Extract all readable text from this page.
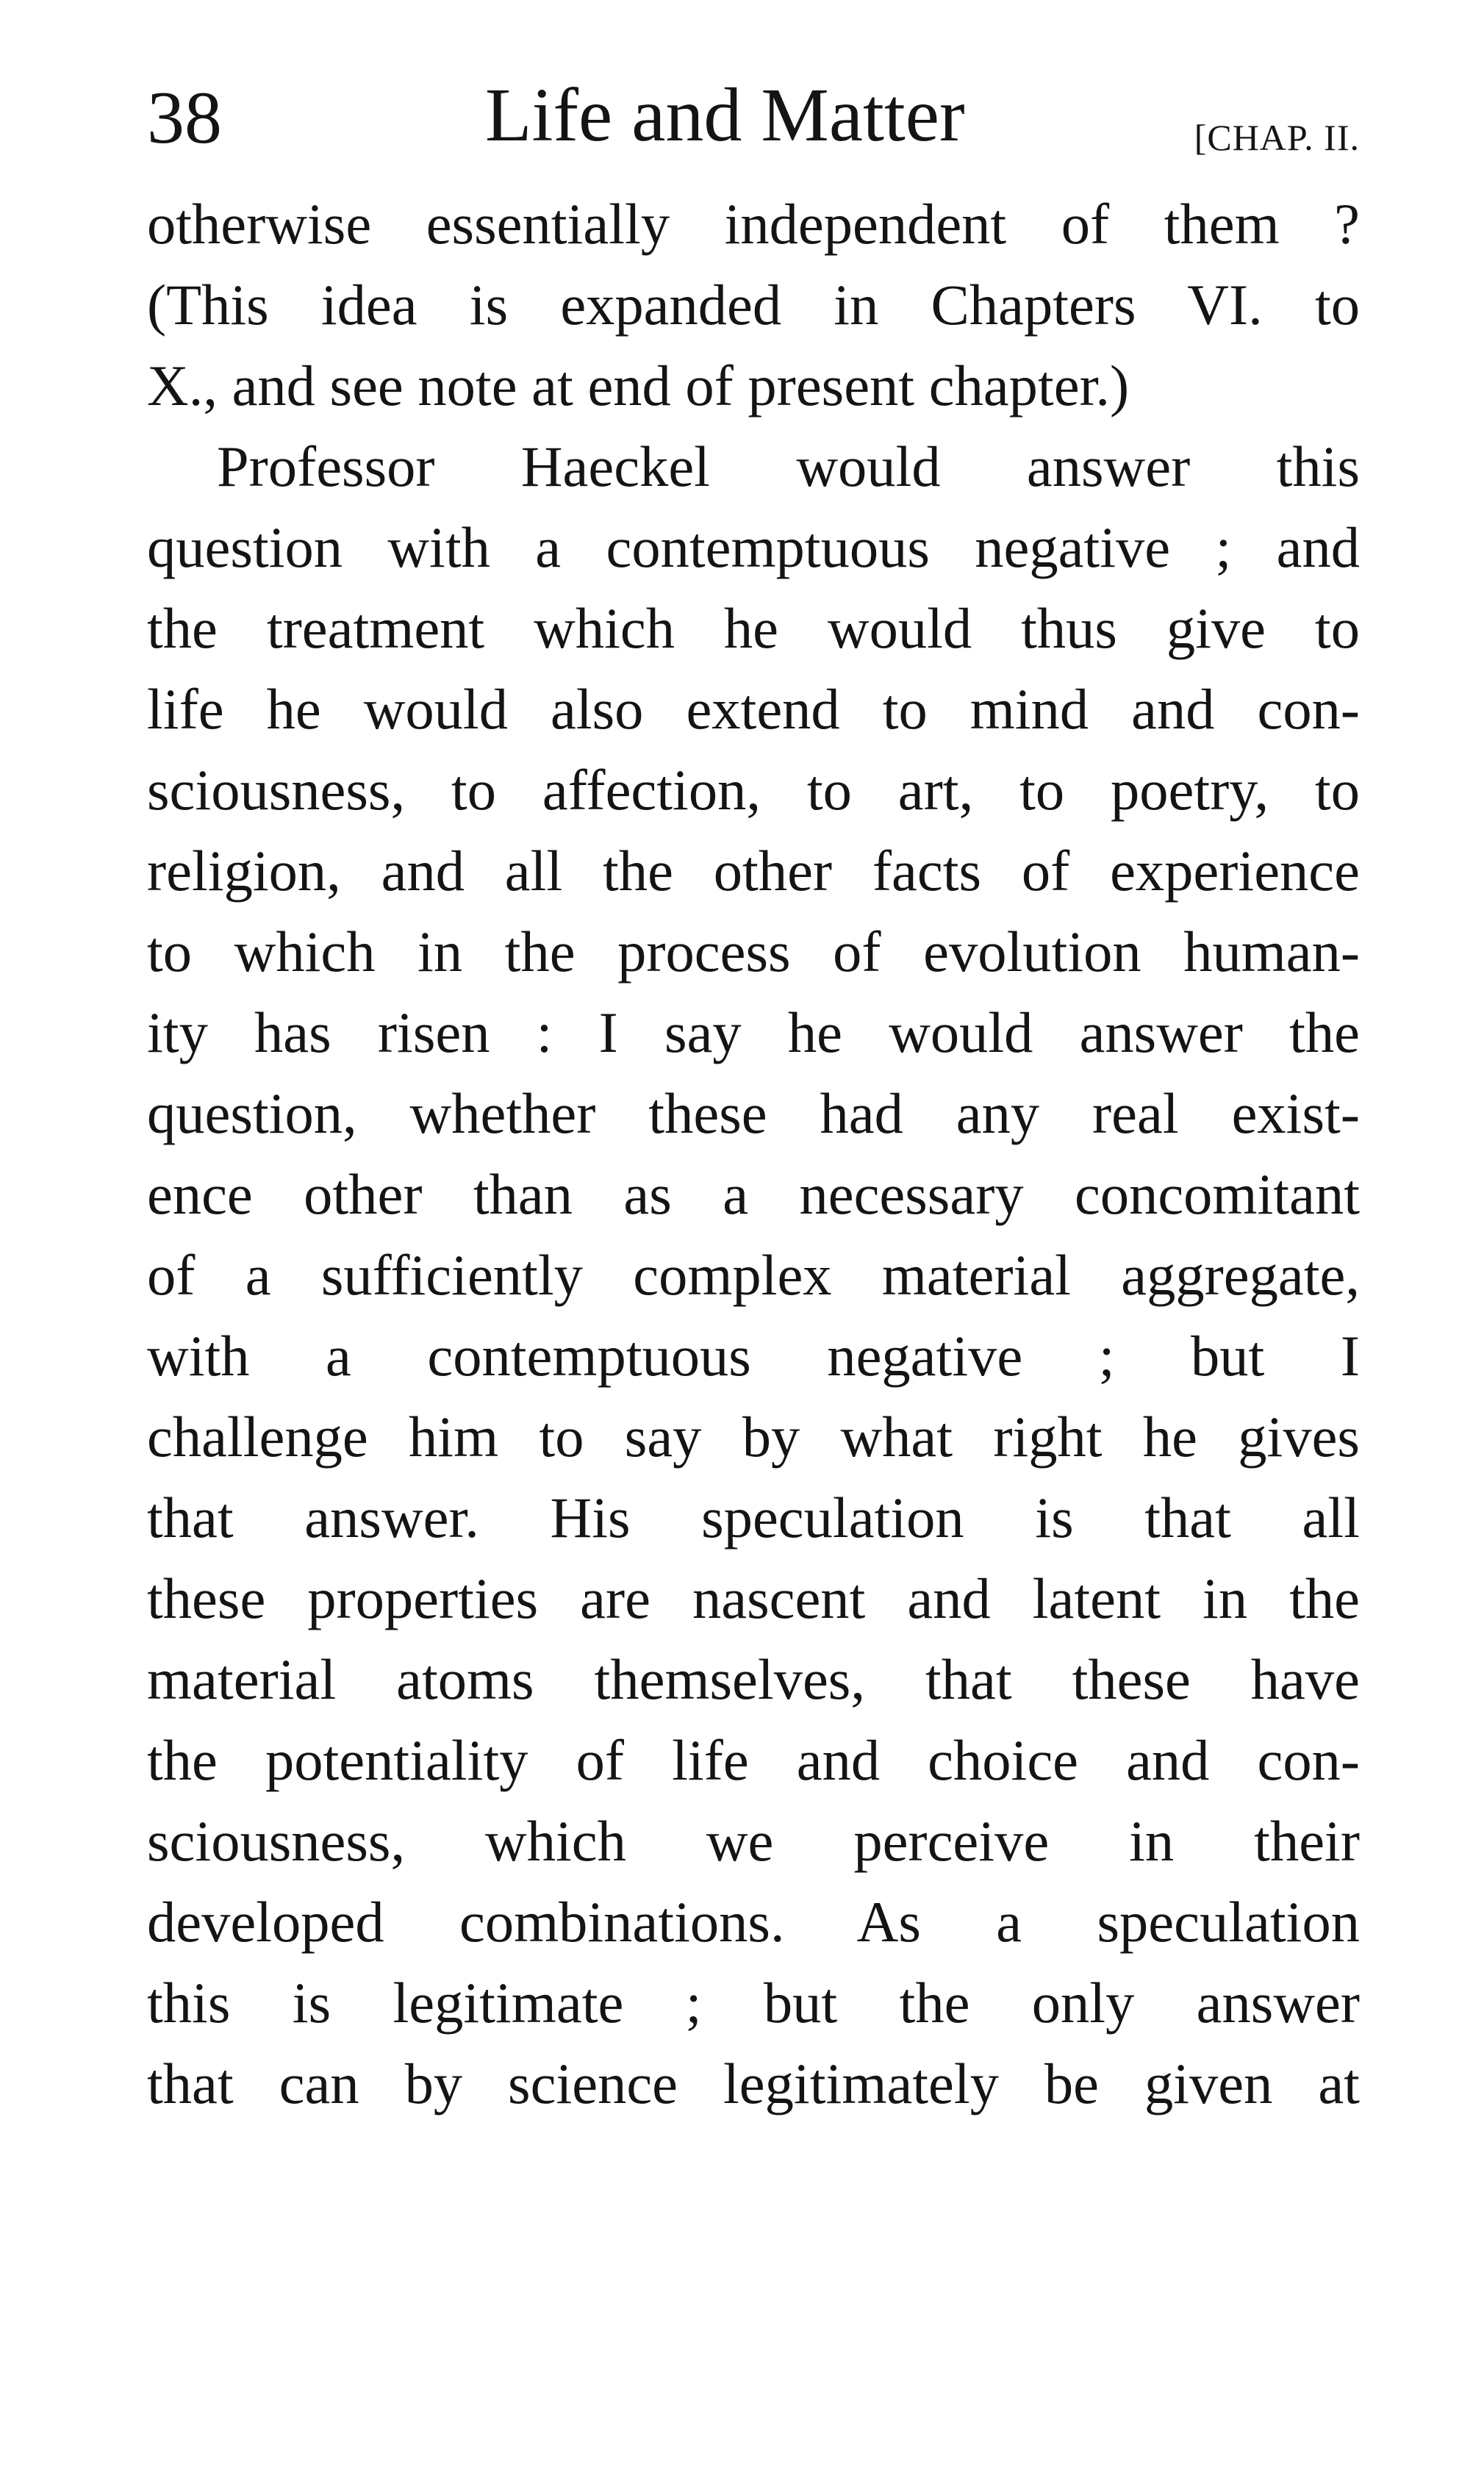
38	Life and Matter	[CHAP. II.
otherwise essentially independent of them ?
(This idea is expanded in Chapters VI. to
X., and see note at end of present chapter.)
Professor Haeckel would answer this
question with a contemptuous negative ; and
the treatment which he would thus give to
life he would also extend to mind and con-
sciousness, to affection, to art, to poetry, to
religion, and all the other facts of experience
to which in the process of evolution human-
ity has risen : I say he would answer the
question, whether these had any real exist-
ence other than as a necessary concomitant
of a sufficiently complex material aggregate,
with a contemptuous negative ; but I
challenge him to say by what right he gives
that answer. His speculation is that all
these properties are nascent and latent in the
material atoms themselves, that these have
the potentiality of life and choice and con-
sciousness, which we perceive in their
developed combinations. As a speculation
this is legitimate ; but the only answer
that can by science legitimately be given at
